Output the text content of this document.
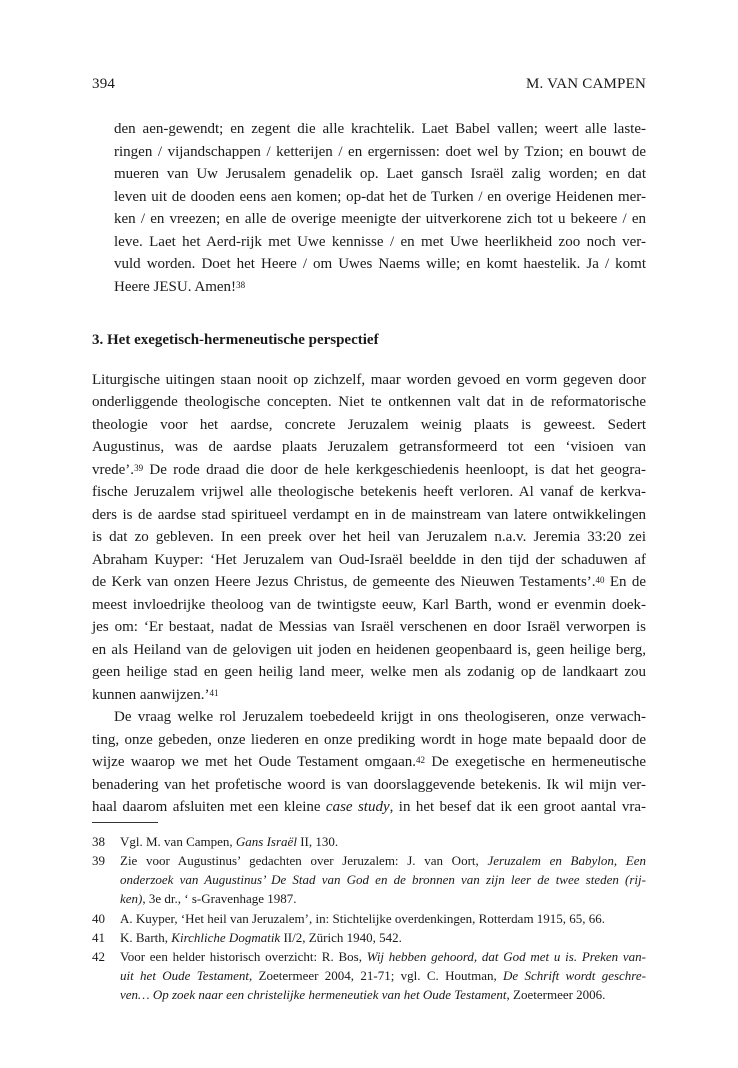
394	M. VAN CAMPEN
den aen-gewendt; en zegent die alle krachtelik. Laet Babel vallen; weert alle laste-
ringen / vijandschappen / ketterijen / en ergernissen: doet wel by Tzion; en bouwt de
mueren van Uw Jerusalem genadelik op. Laet gansch Israël zalig worden; en dat
leven uit de dooden eens aen komen; op-dat het de Turken / en overige Heidenen mer-
ken / en vreezen; en alle de overige meenigte der uitverkorene zich tot u bekeere / en
leve. Laet het Aerd-rijk met Uwe kennisse / en met Uwe heerlikheid zoo noch ver-
vuld worden. Doet het Heere / om Uwes Naems wille; en komt haestelik. Ja / komt
Heere JESU. Amen!$^{38}$
3. Het exegetisch-hermeneutische perspectief
Liturgische uitingen staan nooit op zichzelf, maar worden gevoed en vorm gegeven door
onderliggende theologische concepten. Niet te ontkennen valt dat in de reformatorische
theologie voor het aardse, concrete Jeruzalem weinig plaats is geweest. Sedert
Augustinus, was de aardse plaats Jeruzalem getransformeerd tot een ‘visioen van
vrede’.$^{39}$ De rode draad die door de hele kerkgeschiedenis heenloopt, is dat het geogra-
fische Jeruzalem vrijwel alle theologische betekenis heeft verloren. Al vanaf de kerkva-
ders is de aardse stad spiritueel verdampt en in de mainstream van latere ontwikkelingen
is dat zo gebleven. In een preek over het heil van Jeruzalem n.a.v. Jeremia 33:20 zei
Abraham Kuyper: ‘Het Jeruzalem van Oud-Israël beeldde in den tijd der schaduwen af
de Kerk van onzen Heere Jezus Christus, de gemeente des Nieuwen Testaments’.$^{40}$ En de
meest invloedrijke theoloog van de twintigste eeuw, Karl Barth, wond er evenmin doek-
jes om: ‘Er bestaat, nadat de Messias van Israël verschenen en door Israël verworpen is
en als Heiland van de gelovigen uit joden en heidenen geopenbaard is, geen heilige berg,
geen heilige stad en geen heilig land meer, welke men als zodanig op de landkaart zou
kunnen aanwijzen.’$^{41}$
De vraag welke rol Jeruzalem toebedeeld krijgt in ons theologiseren, onze verwach-
ting, onze gebeden, onze liederen en onze prediking wordt in hoge mate bepaald door de
wijze waarop we met het Oude Testament omgaan.$^{42}$ De exegetische en hermeneutische
benadering van het profetische woord is van doorslaggevende betekenis. Ik wil mijn ver-
haal daarom afsluiten met een kleine case study, in het besef dat ik een groot aantal vra-
38 Vgl. M. van Campen, Gans Israël II, 130.
39 Zie voor Augustinus’ gedachten over Jeruzalem: J. van Oort, Jeruzalem en Babylon, Een
onderzoek van Augustinus’ De Stad van God en de bronnen van zijn leer de twee steden (rij-
ken), 3e dr., ‘ s-Gravenhage 1987.
40 A. Kuyper, ‘Het heil van Jeruzalem’, in: Stichtelijke overdenkingen, Rotterdam 1915, 65, 66.
41 K. Barth, Kirchliche Dogmatik II/2, Zürich 1940, 542.
42 Voor een helder historisch overzicht: R. Bos, Wij hebben gehoord, dat God met u is. Preken van-
uit het Oude Testament, Zoetermeer 2004, 21-71; vgl. C. Houtman, De Schrift wordt geschre-
ven… Op zoek naar een christelijke hermeneutiek van het Oude Testament, Zoetermeer 2006.
